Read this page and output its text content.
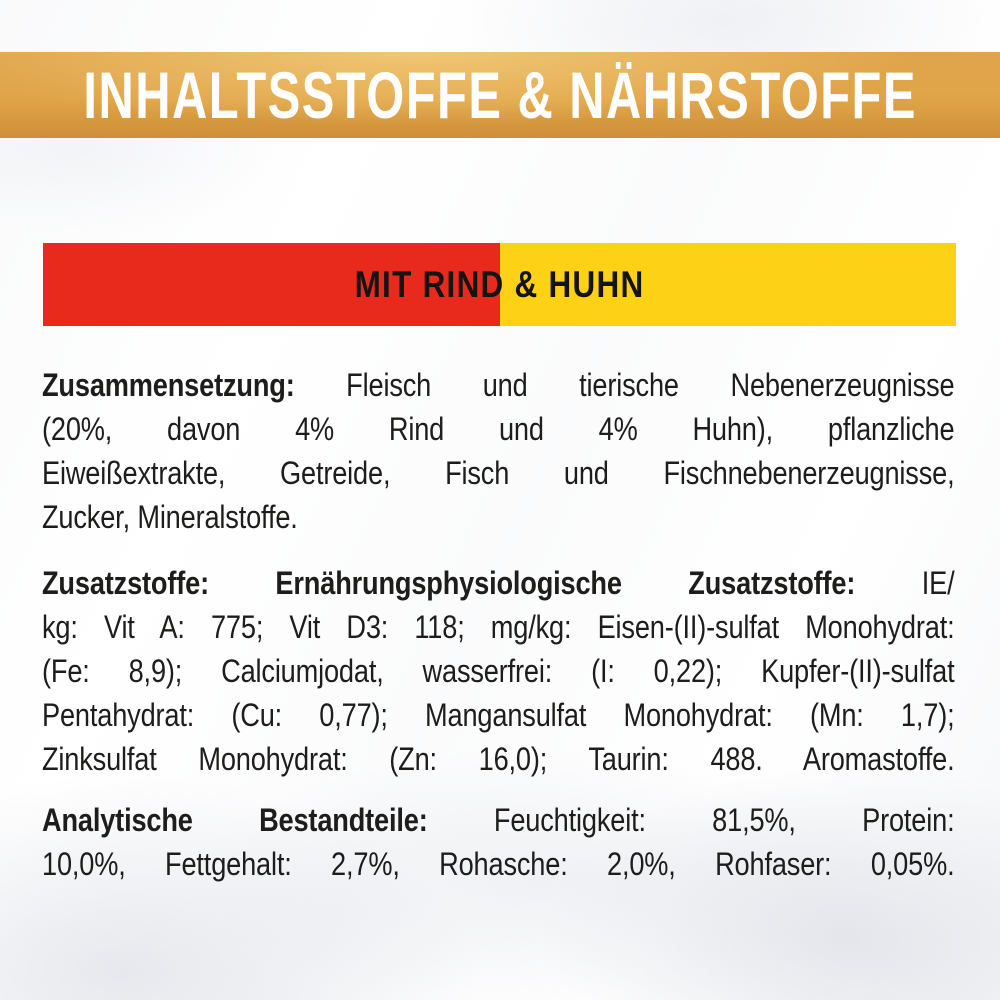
INHALTSSTOFFE & NÄHRSTOFFE
MIT RIND & HUHN
Zusammensetzung: Fleisch und tierische Nebenerzeugnisse
(20%, davon 4% Rind und 4% Huhn), pflanzliche
Eiweißextrakte, Getreide, Fisch und Fischnebenerzeugnisse,
Zucker, Mineralstoffe.
Zusatzstoffe: Ernährungsphysiologische Zusatzstoffe: IE/
kg: Vit A: 775; Vit D3: 118; mg/kg: Eisen-(II)-sulfat Monohydrat:
(Fe: 8,9); Calciumjodat, wasserfrei: (I: 0,22); Kupfer-(II)-sulfat
Pentahydrat: (Cu: 0,77); Mangansulfat Monohydrat: (Mn: 1,7);
Zinksulfat Monohydrat: (Zn: 16,0); Taurin: 488. Aromastoffe.
Analytische Bestandteile: Feuchtigkeit: 81,5%, Protein:
10,0%, Fettgehalt: 2,7%, Rohasche: 2,0%, Rohfaser: 0,05%.
